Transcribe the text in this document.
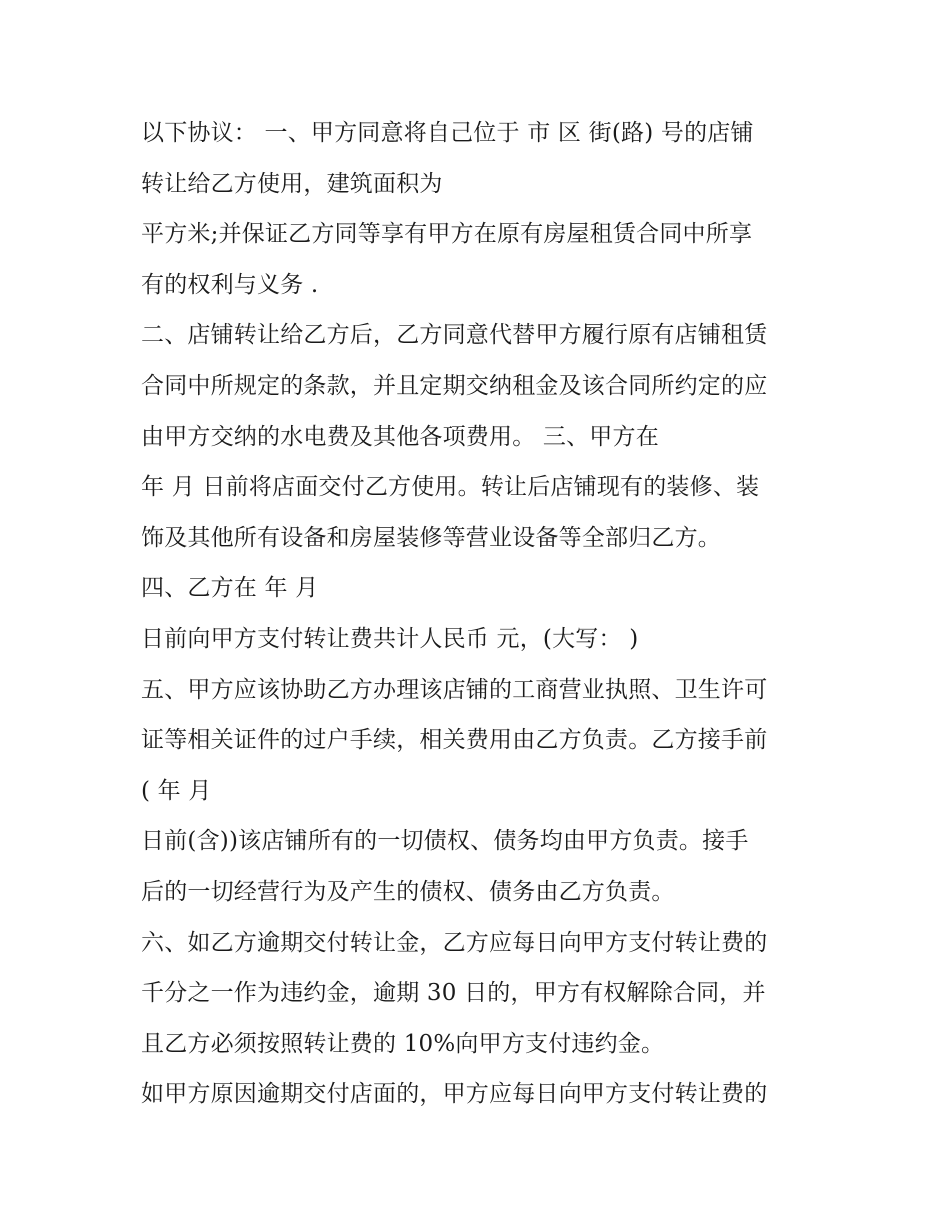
以下协议： 一、甲方同意将自己位于 市 区 街(路) 号的店铺
转让给乙方使用，建筑面积为
平方米;并保证乙方同等享有甲方在原有房屋租赁合同中所享
有的权利与义务 .
二、店铺转让给乙方后，乙方同意代替甲方履行原有店铺租赁
合同中所规定的条款，并且定期交纳租金及该合同所约定的应
由甲方交纳的水电费及其他各项费用。 三、甲方在
年 月 日前将店面交付乙方使用。转让后店铺现有的装修、装
饰及其他所有设备和房屋装修等营业设备等全部归乙方。
四、乙方在 年 月
日前向甲方支付转让费共计人民币 元，(大写： )
五、甲方应该协助乙方办理该店铺的工商营业执照、卫生许可
证等相关证件的过户手续，相关费用由乙方负责。乙方接手前
( 年 月
日前(含))该店铺所有的一切债权、债务均由甲方负责。接手
后的一切经营行为及产生的债权、债务由乙方负责。
六、如乙方逾期交付转让金，乙方应每日向甲方支付转让费的
千分之一作为违约金，逾期 30 日的，甲方有权解除合同，并
且乙方必须按照转让费的 10%向甲方支付违约金。
如甲方原因逾期交付店面的，甲方应每日向甲方支付转让费的
